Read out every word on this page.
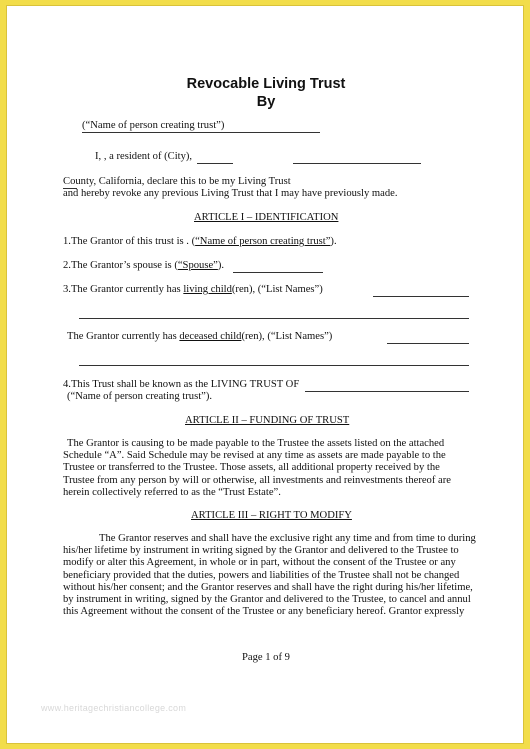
Revocable Living Trust
By
(“Name of person creating trust”)
I, , a resident of (City),
County, California, declare this to be my Living Trust
and hereby revoke any previous Living Trust that I may have previously made.
ARTICLE I – IDENTIFICATION
1.The Grantor of this trust is . (“Name of person creating trust”).
2.The Grantor’s spouse is (“Spouse”).
3.The Grantor currently has living child(ren), (“List Names”)
The Grantor currently has deceased child(ren), (“List Names”)
4.This Trust shall be known as the LIVING TRUST OF
(“Name of person creating trust”).
ARTICLE II – FUNDING OF TRUST
The Grantor is causing to be made payable to the Trustee the assets listed on the attached
Schedule “A”. Said Schedule may be revised at any time as assets are made payable to the
Trustee or transferred to the Trustee. Those assets, all additional property received by the
Trustee from any person by will or otherwise, all investments and reinvestments thereof are
herein collectively referred to as the “Trust Estate”.
ARTICLE III – RIGHT TO MODIFY
The Grantor reserves and shall have the exclusive right any time and from time to during
his/her lifetime by instrument in writing signed by the Grantor and delivered to the Trustee to
modify or alter this Agreement, in whole or in part, without the consent of the Trustee or any
beneficiary provided that the duties, powers and liabilities of the Trustee shall not be changed
without his/her consent; and the Grantor reserves and shall have the right during his/her lifetime,
by instrument in writing, signed by the Grantor and delivered to the Trustee, to cancel and annul
this Agreement without the consent of the Trustee or any beneficiary hereof. Grantor expressly
Page 1 of 9
www.heritagechristiancollege.com
